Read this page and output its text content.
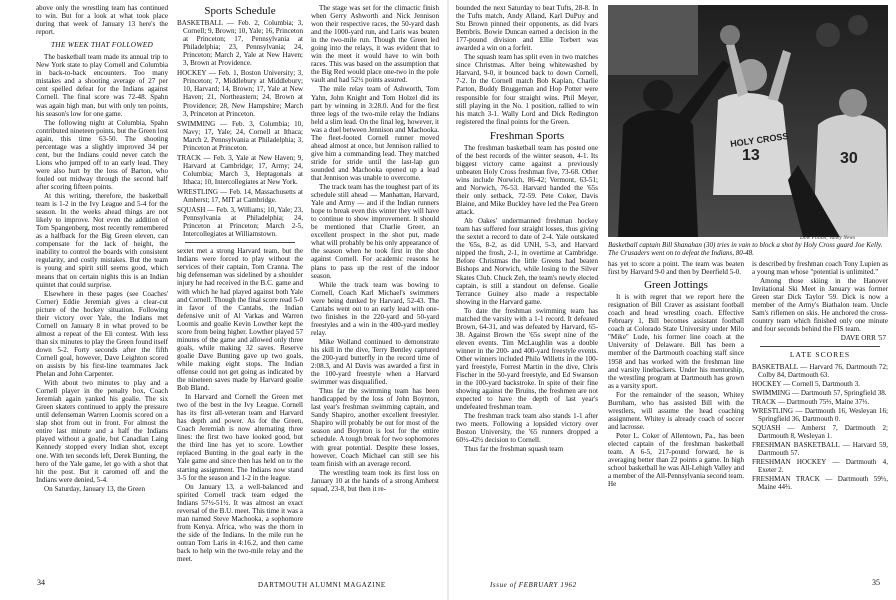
above only the wrestling team has continued to win. But for a look at what took place during that week of January 13 here's the report.

THE WEEK THAT FOLLOWED

The basketball team made its annual trip to New York state to play Cornell and Columbia in back-to-back encounters. Too many mistakes and a shooting average of 27 per cent spelled defeat for the Indians against Cornell. The final score was 72-48. Spahn was again high man, but with only ten points, his season's low for one game.

The following night at Columbia, Spahn contributed nineteen points, but the Green lost again, this time 63-50. The shooting percentage was a slightly improved 34 per cent, but the Indians could never catch the Lions who jumped off to an early lead. They were also hurt by the loss of Barton, who fouled out midway through the second half after scoring fifteen points.

At this writing, therefore, the basketball team is 1-2 in the Ivy League and 5-4 for the season. In the weeks ahead things are not likely to improve. Not even the addition of Tom Spangenberg, most recently remembered as a halfback for the Big Green eleven, can compensate for the lack of height, the inability to control the boards with consistent regularity, and costly mistakes. But the team is young and spirit still seems good, which means that on certain nights this is an Indian quintet that could surprise.

Elsewhere in these pages (see Coaches' Corner) Eddie Jeremiah gives a clear-cut picture of the hockey situation. Following their victory over Yale, the Indians met Cornell on January 8 in what proved to be almost a repeat of the Eli contest. With less than six minutes to play the Green found itself down 5-2. Forty seconds after the fifth Cornell goal, however, Dave Leighton scored on assists by his first-line teammates Jack Phelan and John Carpenter.

With about two minutes to play and a Cornell player in the penalty box, Coach Jeremiah again yanked his goalie. The six Green skaters continued to apply the pressure until defenseman Warren Loomis scored on a slap shot from out in front. For almost the entire last minute and a half the Indians played without a goalie, but Canadian Laing Kennedy stopped every Indian shot, except one. With ten seconds left, Derek Bunting, the hero of the Yale game, let go with a shot that hit the post. But it caromed off and the Indians were denied, 5-4.

On Saturday, January 13, the Green

Sports Schedule

BASKETBALL — Feb. 2, Columbia; 3, Cornell; 9, Brown; 10, Yale; 16, Princeton at Princeton; 17, Pennsylvania at Philadelphia; 23, Pennsylvania; 24, Princeton; March 2, Yale at New Haven; 3, Brown at Providence.

HOCKEY — Feb. 1, Boston University; 3, Princeton; 7, Middlebury at Middlebury; 10, Harvard; 14, Brown; 17, Yale at New Haven; 21, Northeastern; 24, Brown at Providence; 28, New Hampshire; March 3, Princeton at Princeton.

SWIMMING — Feb. 3, Columbia; 10, Navy; 17, Yale; 24, Cornell at Ithaca; March 2, Pennsylvania at Philadelphia; 3, Princeton at Princeton.

TRACK — Feb. 3, Yale at New Haven; 9, Harvard at Cambridge; 17, Army; 24, Columbia; March 3, Heptagonals at Ithaca; 10, Intercollegiates at New York.

WRESTLING — Feb. 14, Massachusetts at Amherst; 17, MIT at Cambridge.

SQUASH — Feb. 3, Williams; 10, Yale; 23, Pennsylvania at Philadelphia; 24, Princeton at Princeton; March 2-5, Intercollegiates at Williamstown.

sextet met a strong Harvard team, but the Indians were forced to play without the services of their captain, Tom Cranna. The big defenseman was sidelined by a shoulder injury he had received in the B.C. game and with which he had played against both Yale and Cornell. Though the final score read 5-0 in favor of the Cantabs, the Indian defensive unit of Al Varkas and Warren Loomis and goalie Kevin Lowther kept the score from being higher. Lowther played 57 minutes of the game and allowed only three goals, while making 32 saves. Reserve goalie Dave Bunting gave up two goals, while making eight stops. The Indian offense could not get going as indicated by the nineteen saves made by Harvard goalie Bob Bland.

In Harvard and Cornell the Green met two of the best in the Ivy League. Cornell has its first all-veteran team and Harvard has depth and power. As for the Green, Coach Jeremiah is now alternating three lines: the first two have looked good, but the third line has yet to score. Lowther replaced Bunting in the goal early in the Yale game and since then has held on to the starting assignment. The Indians now stand 3-5 for the season and 1-2 in the league.

On January 13, a well-balanced and spirited Cornell track team edged the Indians 57½-51½. It was almost an exact reversal of the B.U. meet. This time it was a man named Steve Machooka, a sophomore from Kenya. Africa, who was the thorn in the side of the Indians. In the mile run he outran Tom Laris in 4:16.2, and then came back to help win the two-mile relay and the meet.

The stage was set for the climactic finish when Gerry Ashworth and Nick Jennison won their respective races, the 50-yard dash and the 1000-yard run, and Laris was beaten in the two-mile run. Though the Green led going into the relays, it was evident that to win the meet it would have to win both races. This was based on the assumption that the Big Red would place one-two in the pole vault and had 52½ points assured.

The mile relay team of Ashworth, Tom Yahn, John Knight and Tom Holzel did its part by winning in 3:28.0. And for the first three legs of the two-mile relay the Indians held a slim lead. On the final leg, however, it was a duel between Jennison and Machooka. The fleet-footed Cornell runner moved ahead almost at once, but Jennison rallied to give him a commanding lead. They matched stride for stride until the last-lap gun sounded and Machooka opened up a lead that Jennison was unable to overcome.

The track team has the toughest part of its schedule still ahead — Manhattan, Harvard, Yale and Army — and if the Indian runners hope to break even this winter they will have to continue to show improvement. It should be mentioned that Charlie Greer, an excellent prospect in the shot put, made what will probably be his only appearance of the season when he took first in the shot against Cornell. For academic reasons he plans to pass up the rest of the indoor season.

While the track team was bowing to Cornell, Coach Karl Michael's swimmers were being dunked by Harvard, 52-43. The Cantabs went out to an early lead with one-two finishes in the 220-yard and 50-yard freestyles and a win in the 400-yard medley relay.

Mike Wolland continued to demonstrate his skill in the dive, Terry Bentley captured the 200-yard butterfly in the record time of 2:08.3, and Al Davis was awarded a first in the 100-yard freestyle when a Harvard swimmer was disqualified.

Thus far the swimming team has been handicapped by the loss of John Boynton, last year's freshman swimming captain, and Sandy Shapiro, another excellent freestyler. Shapiro will probably be out for most of the season and Boynton is lost for the entire schedule. A tough break for two sophomores with great potential. Despite these losses, however, Coach Michael can still see his team finish with an average record.

The wrestling team took its first loss on January 10 at the hands of a strong Amherst squad, 23-8, but then it re-

34	DARTMOUTH ALUMNI MAGAZINE

bounded the next Saturday to beat Tufts, 28-8. In the Tufts match, Andy Alland, Karl DuPuy and Stu Brown pinned their opponents, as did Ivars Bembris. Bowie Duncan earned a decision in the 177-pound division and Ellie Torbert was awarded a win on a forfeit.

The squash team has split even in two matches since Christmas. After being whitewashed by Harvard, 9-0, it bounced back to down Cornell, 7-2. In the Cornell match Bob Kaplan, Charlie Parton, Buddy Bruggeman and Hop Potter were responsible for four straight wins. Phil Meyer, still playing in the No. 1 position, rallied to win his match 3-1. Wally Lord and Dick Redington registered the final points for the Green.

Freshman Sports

The freshman basketball team has posted one of the best records of the winter season, 4-1. Its biggest victory came against a previously unbeaten Holy Cross freshman five, 73-68. Other wins include Norwich, 86-42; Vermont, 63-51; and Norwich, 76-53. Harvard handed the '65s their only setback, 72-59. Pete Coker, Davis Blaine, and Mike Buckley have led the Pea Green attack.

Ab Oakes' undermanned freshman hockey team has suffered four straight losses, thus giving the sextet a record to date of 2-4. Yale outskated the '65s, 8-2, as did UNH, 5-3, and Harvard nipped the frosh, 2-1, in overtime at Cambridge. Before Christmas the little Greens had beaten Bishops and Norwich, while losing to the Silver Skates Club. Chuck Zeh, the team's newly elected captain, is still a standout on defense. Goalie Terrance Guiney also made a respectable showing in the Harvard game.

To date the freshman swimming team has matched the varsity with a 1-1 record. It defeated Brown, 64-31, and was defeated by Harvard, 65-38. Against Brown the '65s swept nine of the eleven events. Tim McLaughlin was a double winner in the 200- and 400-yard freestyle events. Other winners included Philo Willetts in the 100-yard freestyle, Forrest Martin in the dive, Chris Fischer in the 50-yard freestyle, and Ed Swanson in the 100-yard backstroke. In spite of their fine showing against the Bruins, the freshmen are not expected to have the depth of last year's undefeated freshman team.

The freshman track team also stands 1-1 after two meets. Following a lopsided victory over Boston University, the '65 runners dropped a 60½-42½ decision to Cornell.

Thus far the freshman squash team

HOLY CROSS
13	30
Dow Fillion, Valley News
Basketball captain Bill Shanahan (30) tries in vain to block a shot by Holy Cross guard Joe Kelly. The Crusaders went on to defeat the Indians, 80-48.

has yet to score a point. The team was beaten first by Harvard 9-0 and then by Deerfield 5-0.

Green Jottings

It is with regret that we report here the resignation of Bill Craver as assistant football coach and head wrestling coach. Effective February 1, Bill becomes assistant football coach at Colorado State University under Milo "Mike" Lude, his former line coach at the University of Delaware. Bill has been a member of the Dartmouth coaching staff since 1958 and has worked with the freshman line and varsity linebackers. Under his mentorship, the wrestling program at Dartmouth has grown as a varsity sport.

For the remainder of the season, Whitey Burnham, who has assisted Bill with the wrestlers, will assume the head coaching assignment. Whitey is already coach of soccer and lacrosse.

Peter L. Coker of Allentown, Pa., has been elected captain of the freshman basketball team. A 6-5, 217-pound forward, he is averaging better than 22 points a game. In high school basketball he was All-Lehigh Valley and a member of the All-Pennsylvania second team. He

is described by freshman coach Tony Lupien as a young man whose "potential is unlimited."

Among those skiing in the Hanover Invitational Ski Meet in January was former Green star Dick Taylor '59. Dick is now a member of the Army's Biathalon team. Uncle Sam's riflemen on skis. He anchored the cross-country team which finished only one minute and four seconds behind the FIS team.

DAVE ORR '57
LATE SCORES

BASKETBALL — Harvard 76, Dartmouth 72; Colby 84, Dartmouth 63.

HOCKEY — Cornell 5, Dartmouth 3.

SWIMMING — Dartmouth 57, Springfield 38.

TRACK — Dartmouth 75⅔, Maine 37⅓.

WRESTLING — Dartmouth 16, Wesleyan 16; Springfield 36, Dartmouth 0.

SQUASH — Amherst 7, Dartmouth 2; Dartmouth 8, Wesleyan 1.

FRESHMAN BASKETBALL — Harvard 59, Dartmouth 57.

FRESHMAN HOCKEY — Dartmouth 4, Exeter 2.

FRESHMAN TRACK — Dartmouth 59⅓, Maine 44⅔.

Issue of FEBRUARY 1962	35
